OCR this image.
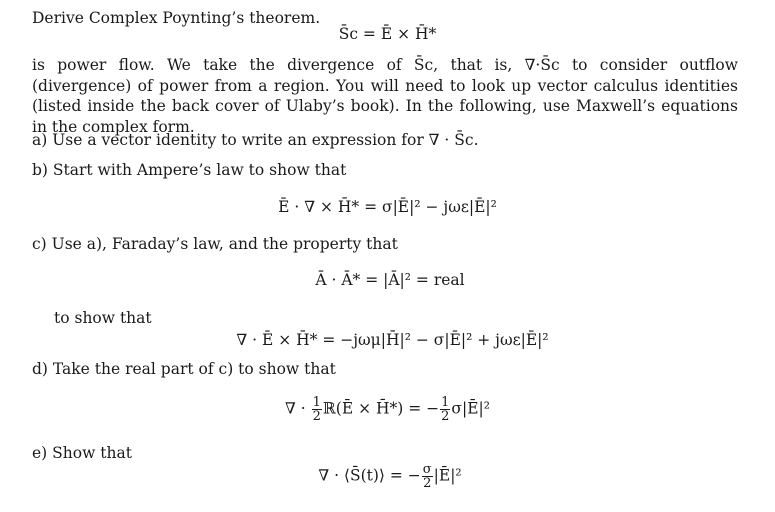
Derive Complex Poynting’s theorem.

S̄c = Ē × H̄*

is power flow. We take the divergence of S̄c, that is, ∇·S̄c to consider outflow (divergence) of power from a region. You will need to look up vector calculus identities (listed inside the back cover of Ulaby’s book). In the following, use Maxwell’s equations in the complex form.

a) Use a vector identity to write an expression for ∇ · S̄c.

b) Start with Ampere’s law to show that

Ē · ∇ × H̄* = σ|Ē|² − jωε|Ē|²

c) Use a), Faraday’s law, and the property that

Ā · Ā* = |Ā|² = real

to show that

∇ · Ē × H̄* = −jωμ|H̄|² − σ|Ē|² + jωε|Ē|²

d) Take the real part of c) to show that

∇ · $\frac{1}{2}$ ℝ(Ē × H̄*) = − $\frac{1}{2}$ σ|Ē|²

e) Show that

∇ · ⟨S̄(t)⟩ = − $\frac{\sigma}{2}$ |Ē|²
